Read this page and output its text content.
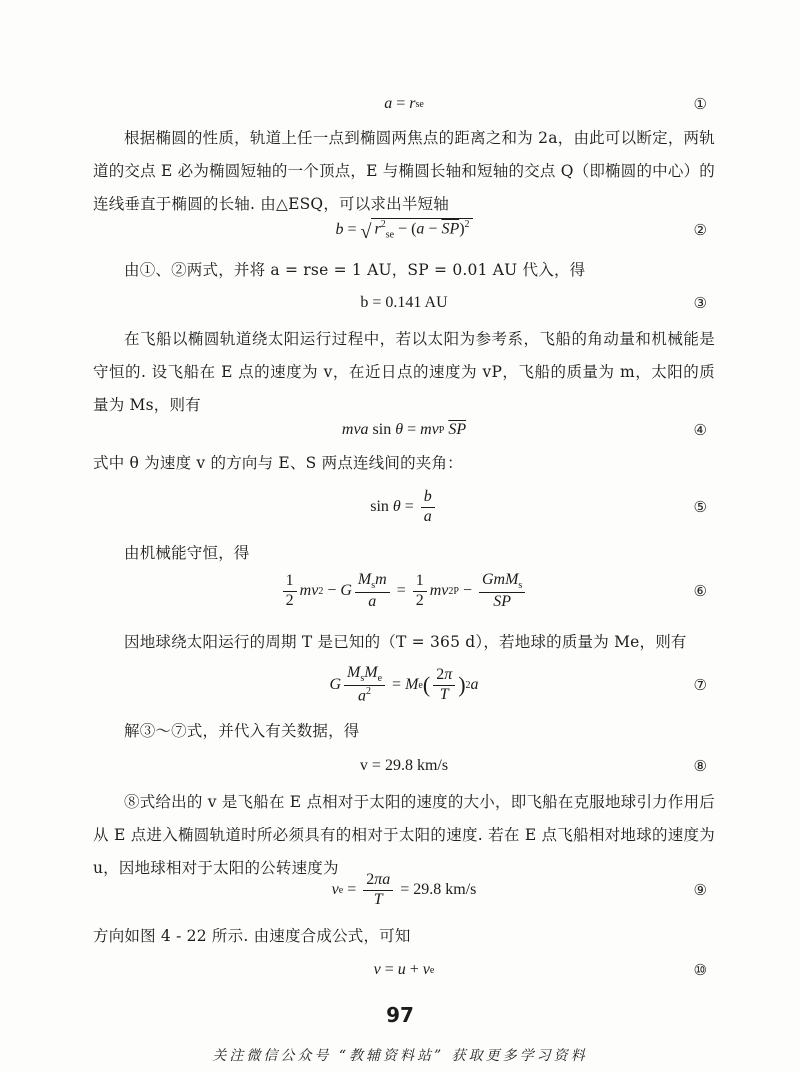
a = r se	①

根据椭圆的性质，轨道上任一点到椭圆两焦点的距离之和为 2a，由此可以断定，两轨道的交点 E 必为椭圆短轴的一个顶点，E 与椭圆长轴和短轴的交点 Q（即椭圆的中心）的连线垂直于椭圆的长轴. 由△ESQ，可以求出半短轴

b = √ $r^2_{se} - (a - \overline{SP})^2$	②

由①、②两式，并将 a = rse = 1 AU，SP = 0.01 AU 代入，得

b = 0.141 AU	③

在飞船以椭圆轨道绕太阳运行过程中，若以太阳为参考系，飞船的角动量和机械能是守恒的. 设飞船在 E 点的速度为 v，在近日点的速度为 vP，飞船的质量为 m，太阳的质量为 Ms，则有

mva sin θ = mv P
$\overline{SP}$	④

式中 θ 为速度 v 的方向与 E、S 两点连线间的夹角：

$\sin \theta = \frac{b}{a}$	⑤

由机械能守恒，得

$\frac{1}{2}$ mv 2 − G $\frac{M_sm}{a} = \frac{1}{2}$ mv 2 $P - \frac{GmM_s}{SP}$	⑥

因地球绕太阳运行的周期 T 是已知的（T = 365 d），若地球的质量为 Me，则有

G $\frac{M_sM_e}{a^2} = M$ e ( $\frac{2\pi}{T}$ ) 2 a	⑦

解③～⑦式，并代入有关数据，得

v = 29.8 km/s	⑧

⑧式给出的 v 是飞船在 E 点相对于太阳的速度的大小，即飞船在克服地球引力作用后从 E 点进入椭圆轨道时所必须具有的相对于太阳的速度. 若在 E 点飞船相对地球的速度为 u，因地球相对于太阳的公转速度为

v $e = \frac{2\pi a}{T} = 29.8$ km/s	⑨

方向如图 4 - 22 所示. 由速度合成公式，可知

v = u + v e	⑩
97
关注微信公众号 “教辅资料站” 获取更多学习资料
